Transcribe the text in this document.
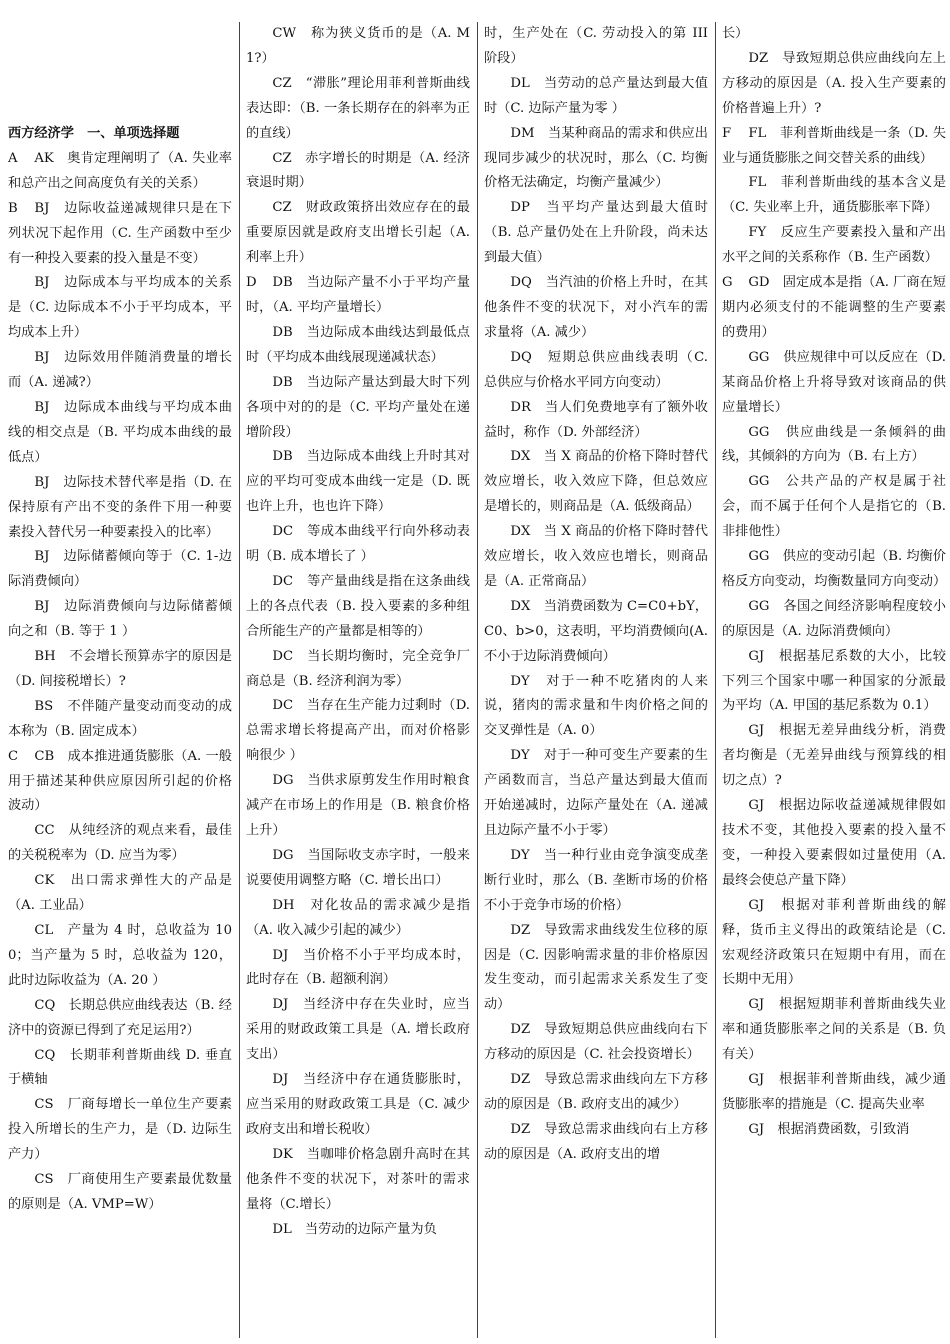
西方经济学　一、单项选择题

A AK　奥肯定理阐明了（A. 失业率和总产出之间高度负有关的关系）

B BJ　边际收益递减规律只是在下列状况下起作用（C. 生产函数中至少有一种投入要素的投入量是不变）

BJ　边际成本与平均成本的关系是（C. 边际成本不小于平均成本，平均成本上升）

BJ　边际效用伴随消费量的增长而（A. 递减?）

BJ　边际成本曲线与平均成本曲线的相交点是（B. 平均成本曲线的最低点）

BJ　边际技术替代率是指（D. 在保持原有产出不变的条件下用一种要素投入替代另一种要素投入的比率）

BJ　边际储蓄倾向等于（C. 1-边际消费倾向）

BJ　边际消费倾向与边际储蓄倾向之和（B. 等于 1 ）

BH　不会增长预算赤字的原因是（D. 间接税增长）?

BS　不伴随产量变动而变动的成本称为（B. 固定成本）

C CB　成本推进通货膨胀（A. 一般用于描述某种供应原因所引起的价格波动）

CC　从纯经济的观点来看，最佳的关税税率为（D. 应当为零）

CK　出口需求弹性大的产品是（A. 工业品）

CL　产量为 4 时，总收益为 100；当产量为 5 时，总收益为 120，此时边际收益为（A. 20 ）

CQ　长期总供应曲线表达（B. 经济中的资源已得到了充足运用?）

CQ　长期菲利普斯曲线 D. 垂直于横轴

CS　厂商每增长一单位生产要素投入所增长的生产力，是（D. 边际生产力）

CS　厂商使用生产要素最优数量的原则是（A. VMP=W）

CW　称为狭义货币的是（A. M1?）

CZ　“滞胀”理论用菲利普斯曲线表达即：（B. 一条长期存在的斜率为正的直线）

CZ　赤字增长的时期是（A. 经济衰退时期）

CZ　财政政策挤出效应存在的最重要原因就是政府支出增长引起（A. 利率上升）

D DB　当边际产量不小于平均产量时，（A. 平均产量增长）

DB　当边际成本曲线达到最低点时（平均成本曲线展现递减状态）

DB　当边际产量达到最大时下列各项中对的的是（C. 平均产量处在递增阶段）

DB　当边际成本曲线上升时其对应的平均可变成本曲线一定是（D. 既也许上升，也也许下降）

DC　等成本曲线平行向外移动表明（B. 成本增长了 ）

DC　等产量曲线是指在这条曲线上的各点代表（B. 投入要素的多种组合所能生产的产量都是相等的）

DC　当长期均衡时，完全竞争厂商总是（B. 经济利润为零）

DC　当存在生产能力过剩时（D. 总需求增长将提高产出，而对价格影响很少 ）

DG　当供求原剪发生作用时粮食减产在市场上的作用是（B. 粮食价格上升）

DG　当国际收支赤字时，一般来说要使用调整方略（C. 增长出口）

DH　对化妆品的需求减少是指（A. 收入减少引起的减少）

DJ　当价格不小于平均成本时，此时存在（B. 超额利润）

DJ　当经济中存在失业时，应当采用的财政政策工具是（A. 增长政府支出）

DJ　当经济中存在通货膨胀时，应当采用的财政政策工具是（C. 减少政府支出和增长税收）

DK　当咖啡价格急剧升高时在其他条件不变的状况下，对茶叶的需求量将（C.增长）

DL　当劳动的边际产量为负

时，生产处在（C. 劳动投入的第 III 阶段）

DL　当劳动的总产量达到最大值时（C. 边际产量为零 ）

DM　当某种商品的需求和供应出现同步减少的状况时，那么（C. 均衡价格无法确定，均衡产量减少）

DP　当平均产量达到最大值时（B. 总产量仍处在上升阶段，尚未达到最大值）

DQ　当汽油的价格上升时，在其他条件不变的状况下，对小汽车的需求量将（A. 减少）

DQ　短期总供应曲线表明（C. 总供应与价格水平同方向变动）

DR　当人们免费地享有了额外收益时，称作（D. 外部经济）

DX　当 X 商品的价格下降时替代效应增长，收入效应下降，但总效应是增长的，则商品是（A. 低级商品）

DX　当 X 商品的价格下降时替代效应增长，收入效应也增长，则商品是（A. 正常商品）

DX　当消费函数为 C=C0+bY，C0、b>0，这表明，平均消费倾向(A. 不小于边际消费倾向）

DY　对于一种不吃猪肉的人来说，猪肉的需求量和牛肉价格之间的交叉弹性是（A. 0）

DY　对于一种可变生产要素的生产函数而言，当总产量达到最大值而开始递减时，边际产量处在（A. 递减且边际产量不小于零）

DY　当一种行业由竞争演变成垄断行业时，那么（B. 垄断市场的价格不小于竞争市场的价格）

DZ　导致需求曲线发生位移的原因是（C. 因影响需求量的非价格原因发生变动，而引起需求关系发生了变动）

DZ　导致短期总供应曲线向右下方移动的原因是（C. 社会投资增长）

DZ　导致总需求曲线向左下方移动的原因是（B. 政府支出的减少）

DZ　导致总需求曲线向右上方移动的原因是（A. 政府支出的增

长）

DZ　导致短期总供应曲线向左上方移动的原因是（A. 投入生产要素的价格普遍上升）?

F FL　菲利普斯曲线是一条（D. 失业与通货膨胀之间交替关系的曲线）

FL　菲利普斯曲线的基本含义是（C. 失业率上升，通货膨胀率下降）

FY　反应生产要素投入量和产出水平之间的关系称作（B. 生产函数）

G GD　固定成本是指（A. 厂商在短期内必须支付的不能调整的生产要素的费用）

GG　供应规律中可以反应在（D. 某商品价格上升将导致对该商品的供应量增长）

GG　供应曲线是一条倾斜的曲线，其倾斜的方向为（B. 右上方）

GG　公共产品的产权是属于社会，而不属于任何个人是指它的（B. 非排他性）

GG　供应的变动引起（B. 均衡价格反方向变动，均衡数量同方向变动）

GG　各国之间经济影响程度较小的原因是（A. 边际消费倾向）

GJ　根据基尼系数的大小，比较下列三个国家中哪一种国家的分派最为平均（A. 甲国的基尼系数为 0.1）

GJ　根据无差异曲线分析，消费者均衡是（无差异曲线与预算线的相切之点）?

GJ　根据边际收益递减规律假如技术不变，其他投入要素的投入量不变，一种投入要素假如过量使用（A. 最终会使总产量下降）

GJ　根据对菲利普斯曲线的解释，货币主义得出的政策结论是（C. 宏观经济政策只在短期中有用，而在长期中无用）

GJ　根据短期菲利普斯曲线失业率和通货膨胀率之间的关系是（B. 负有关）

GJ　根据菲利普斯曲线，减少通货膨胀率的措施是（C. 提高失业率

GJ　根据消费函数，引致消
